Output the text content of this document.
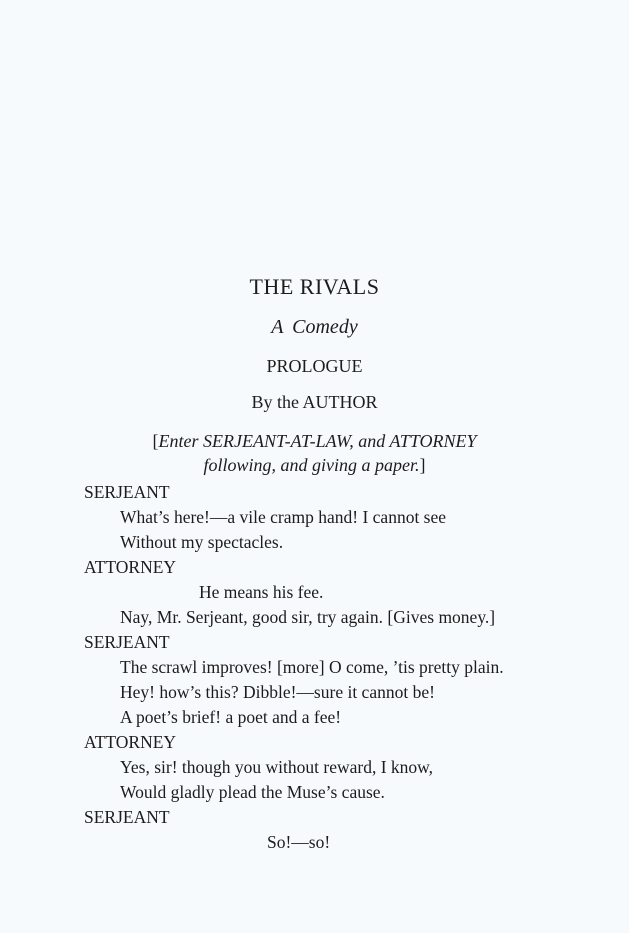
THE RIVALS
A Comedy
PROLOGUE
By the AUTHOR
[Enter SERJEANT-AT-LAW, and ATTORNEY
following, and giving a paper.]
SERJEANT
What’s here!—a vile cramp hand! I cannot see
Without my spectacles.
ATTORNEY
He means his fee.
Nay, Mr. Serjeant, good sir, try again. [Gives money.]
SERJEANT
The scrawl improves! [more] O come, ’tis pretty plain.
Hey! how’s this? Dibble!—sure it cannot be!
A poet’s brief! a poet and a fee!
ATTORNEY
Yes, sir! though you without reward, I know,
Would gladly plead the Muse’s cause.
SERJEANT
So!—so!
